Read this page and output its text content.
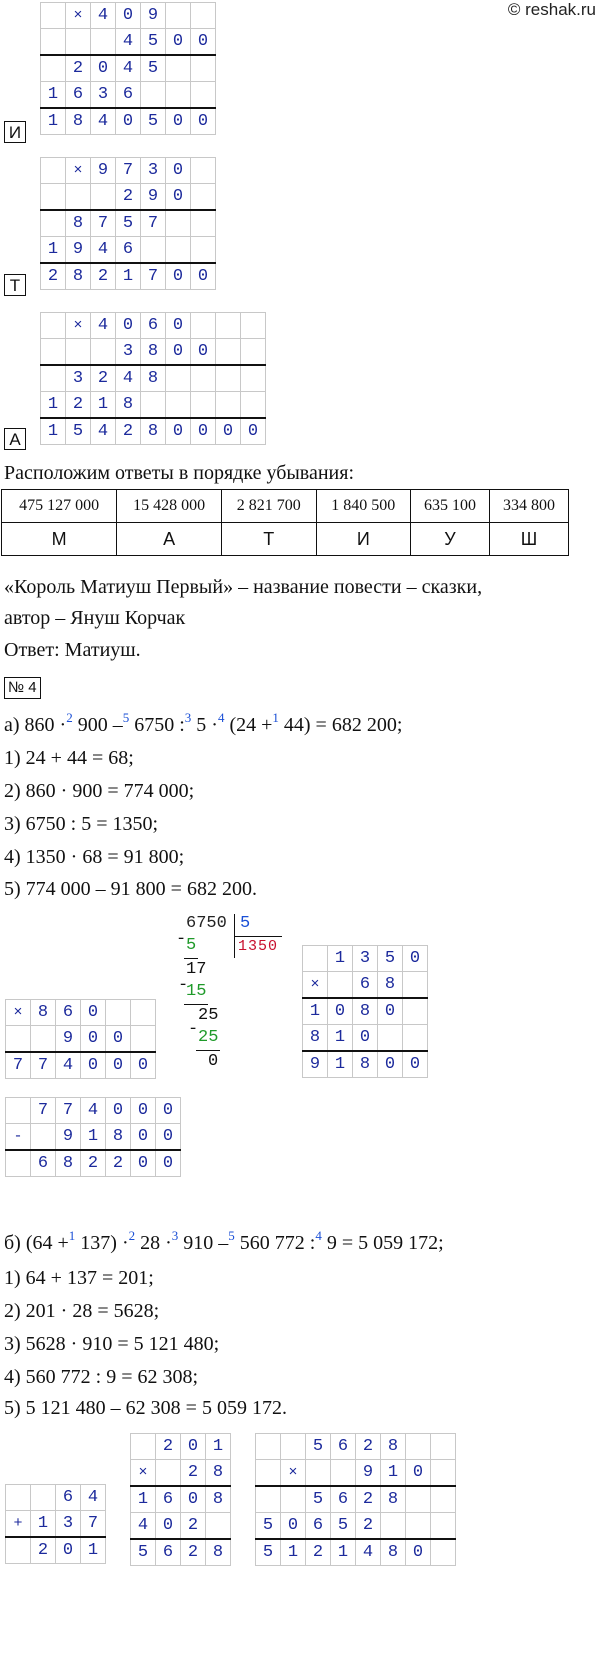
© reshak.ru
	×	4	0	9		
			4	5	0	0
	2	0	4	5		
1	6	3	6			
1	8	4	0	5	0	0
И
	×	9	7	3	0	
			2	9	0	
	8	7	5	7		
1	9	4	6			
2	8	2	1	7	0	0
Т
	×	4	0	6	0			
			3	8	0	0		
	3	2	4	8				
1	2	1	8					
1	5	4	2	8	0	0	0	0
А
Расположим ответы в порядке убывания:
475 127 000	15 428 000	2 821 700	1 840 500	635 100	334 800
М	А	Т	И	У	Ш
«Король Матиуш Первый» – название повести – сказки,
автор – Януш Корчак
Ответ: Матиуш.
№ 4
а) 860 ·$^2$ 900 –$^5$ 6750 :$^3$ 5 ·$^4$ (24 +$^1$ 44) = 682 200;
1) 24 + 44 = 68;
2) 860 · 900 = 774 000;
3) 6750 : 5 = 1350;
4) 1350 · 68 = 91 800;
5) 774 000 – 91 800 = 682 200.
6750 5
1350
- 5
17
-
15
25
- 25
0
×	8	6	0		
		9	0	0	
7	7	4	0	0	0
	1	3	5	0
×		6	8	
1	0	8	0	
8	1	0		
9	1	8	0	0
	7	7	4	0	0	0
-		9	1	8	0	0
	6	8	2	2	0	0
б) (64 +$^1$ 137) ·$^2$ 28 ·$^3$ 910 –$^5$ 560 772 :$^4$ 9 = 5 059 172;
1) 64 + 137 = 201;
2) 201 · 28 = 5628;
3) 5628 · 910 = 5 121 480;
4) 560 772 : 9 = 62 308;
5) 5 121 480 – 62 308 = 5 059 172.
		6	4
+	1	3	7
	2	0	1
	2	0	1
×		2	8
1	6	0	8
4	0	2	
5	6	2	8
		5	6	2	8		
	×			9	1	0	
		5	6	2	8		
5	0	6	5	2			
5	1	2	1	4	8	0	
